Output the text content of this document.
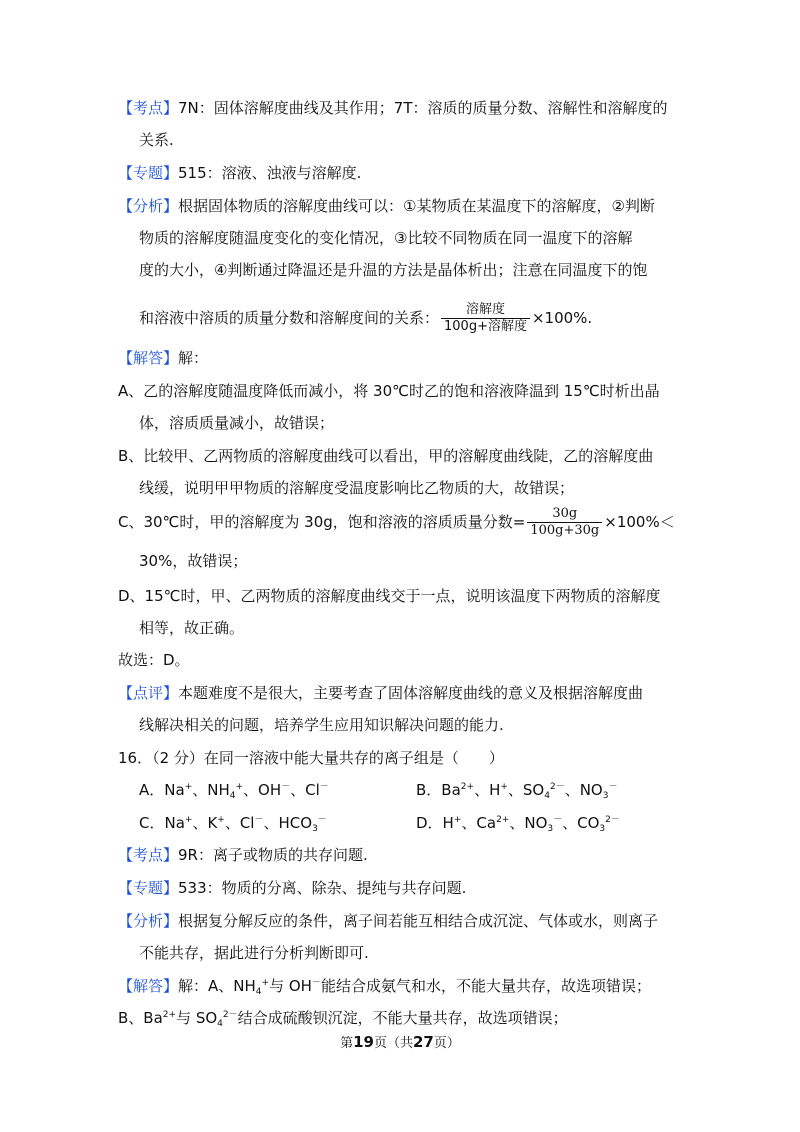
【考点】7N：固体溶解度曲线及其作用；7T：溶质的质量分数、溶解性和溶解度的
关系.
【专题】515：溶液、浊液与溶解度.
【分析】根据固体物质的溶解度曲线可以：①某物质在某温度下的溶解度，②判断
物质的溶解度随温度变化的变化情况，③比较不同物质在同一温度下的溶解
度的大小，④判断通过降温还是升温的方法是晶体析出；注意在同温度下的饱
和溶液中溶质的质量分数和溶解度间的关系： $\frac{\text{溶解度}}{\text{100g+溶解度}} \times 100\%$.
【解答】解：
A、乙的溶解度随温度降低而减小，将 30℃时乙的饱和溶液降温到 15℃时析出晶
体，溶质质量减小，故错误；
B、比较甲、乙两物质的溶解度曲线可以看出，甲的溶解度曲线陡，乙的溶解度曲
线缓，说明甲甲物质的溶解度受温度影响比乙物质的大，故错误；
C、30℃时，甲的溶解度为 30g，饱和溶液的溶质质量分数= $\frac{30g}{100g+30g} \times 100\%<$
30%，故错误；
D、15℃时，甲、乙两物质的溶解度曲线交于一点，说明该温度下两物质的溶解度
相等，故正确。
故选：D。
【点评】本题难度不是很大，主要考查了固体溶解度曲线的意义及根据溶解度曲
线解决相关的问题，培养学生应用知识解决问题的能力.
16．（2 分）在同一溶液中能大量共存的离子组是（　　）
A．Na+、$NH_4^+$、OH－、Cl－	B．$Ba^{2+}$、H+、$SO_4^{2-}$、$NO_3^-$
C．Na+、K+、Cl－、$HCO_3^-$	D．H+、$Ca^{2+}$、$NO_3^-$、$CO_3^{2-}$
【考点】9R：离子或物质的共存问题.
【专题】533：物质的分离、除杂、提纯与共存问题.
【分析】根据复分解反应的条件，离子间若能互相结合成沉淀、气体或水，则离子
不能共存，据此进行分析判断即可.
【解答】解：A、$NH_4^+$与 OH－能结合成氨气和水，不能大量共存，故选项错误；
B、$Ba^{2+}$与 $SO_4^{2-}$结合成硫酸钡沉淀，不能大量共存，故选项错误；
第19页（共27页）
